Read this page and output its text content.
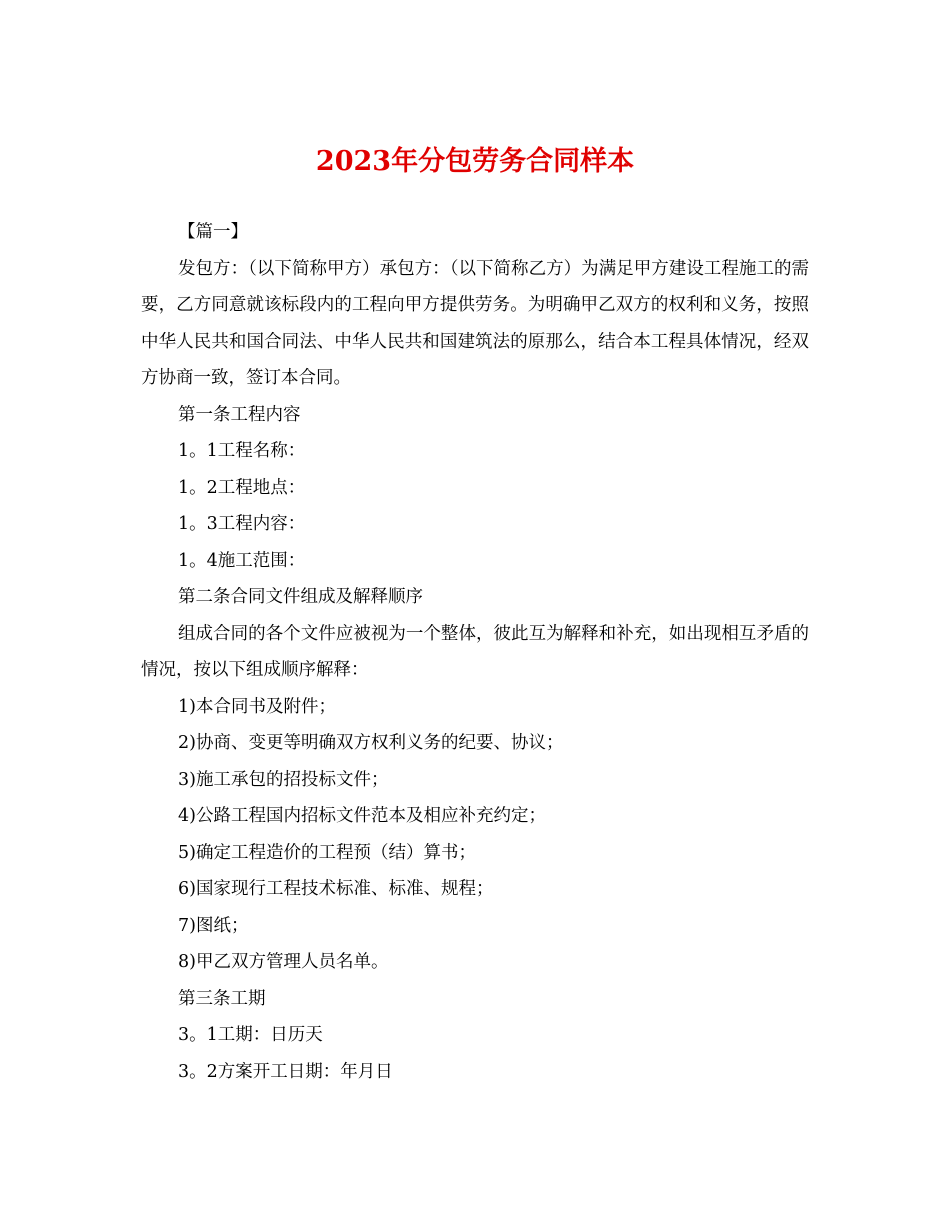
2023年分包劳务合同样本

【篇一】

发包方：（以下简称甲方）承包方：（以下简称乙方）为满足甲方建设工程施工的需要，乙方同意就该标段内的工程向甲方提供劳务。为明确甲乙双方的权利和义务，按照中华人民共和国合同法、中华人民共和国建筑法的原那么，结合本工程具体情况，经双方协商一致，签订本合同。

第一条工程内容

1。1工程名称：

1。2工程地点：

1。3工程内容：

1。4施工范围：

第二条合同文件组成及解释顺序

组成合同的各个文件应被视为一个整体，彼此互为解释和补充，如出现相互矛盾的情况，按以下组成顺序解释：

1)本合同书及附件；

2)协商、变更等明确双方权利义务的纪要、协议；

3)施工承包的招投标文件；

4)公路工程国内招标文件范本及相应补充约定；

5)确定工程造价的工程预（结）算书；

6)国家现行工程技术标准、标准、规程；

7)图纸；

8)甲乙双方管理人员名单。

第三条工期

3。1工期：日历天

3。2方案开工日期：年月日
